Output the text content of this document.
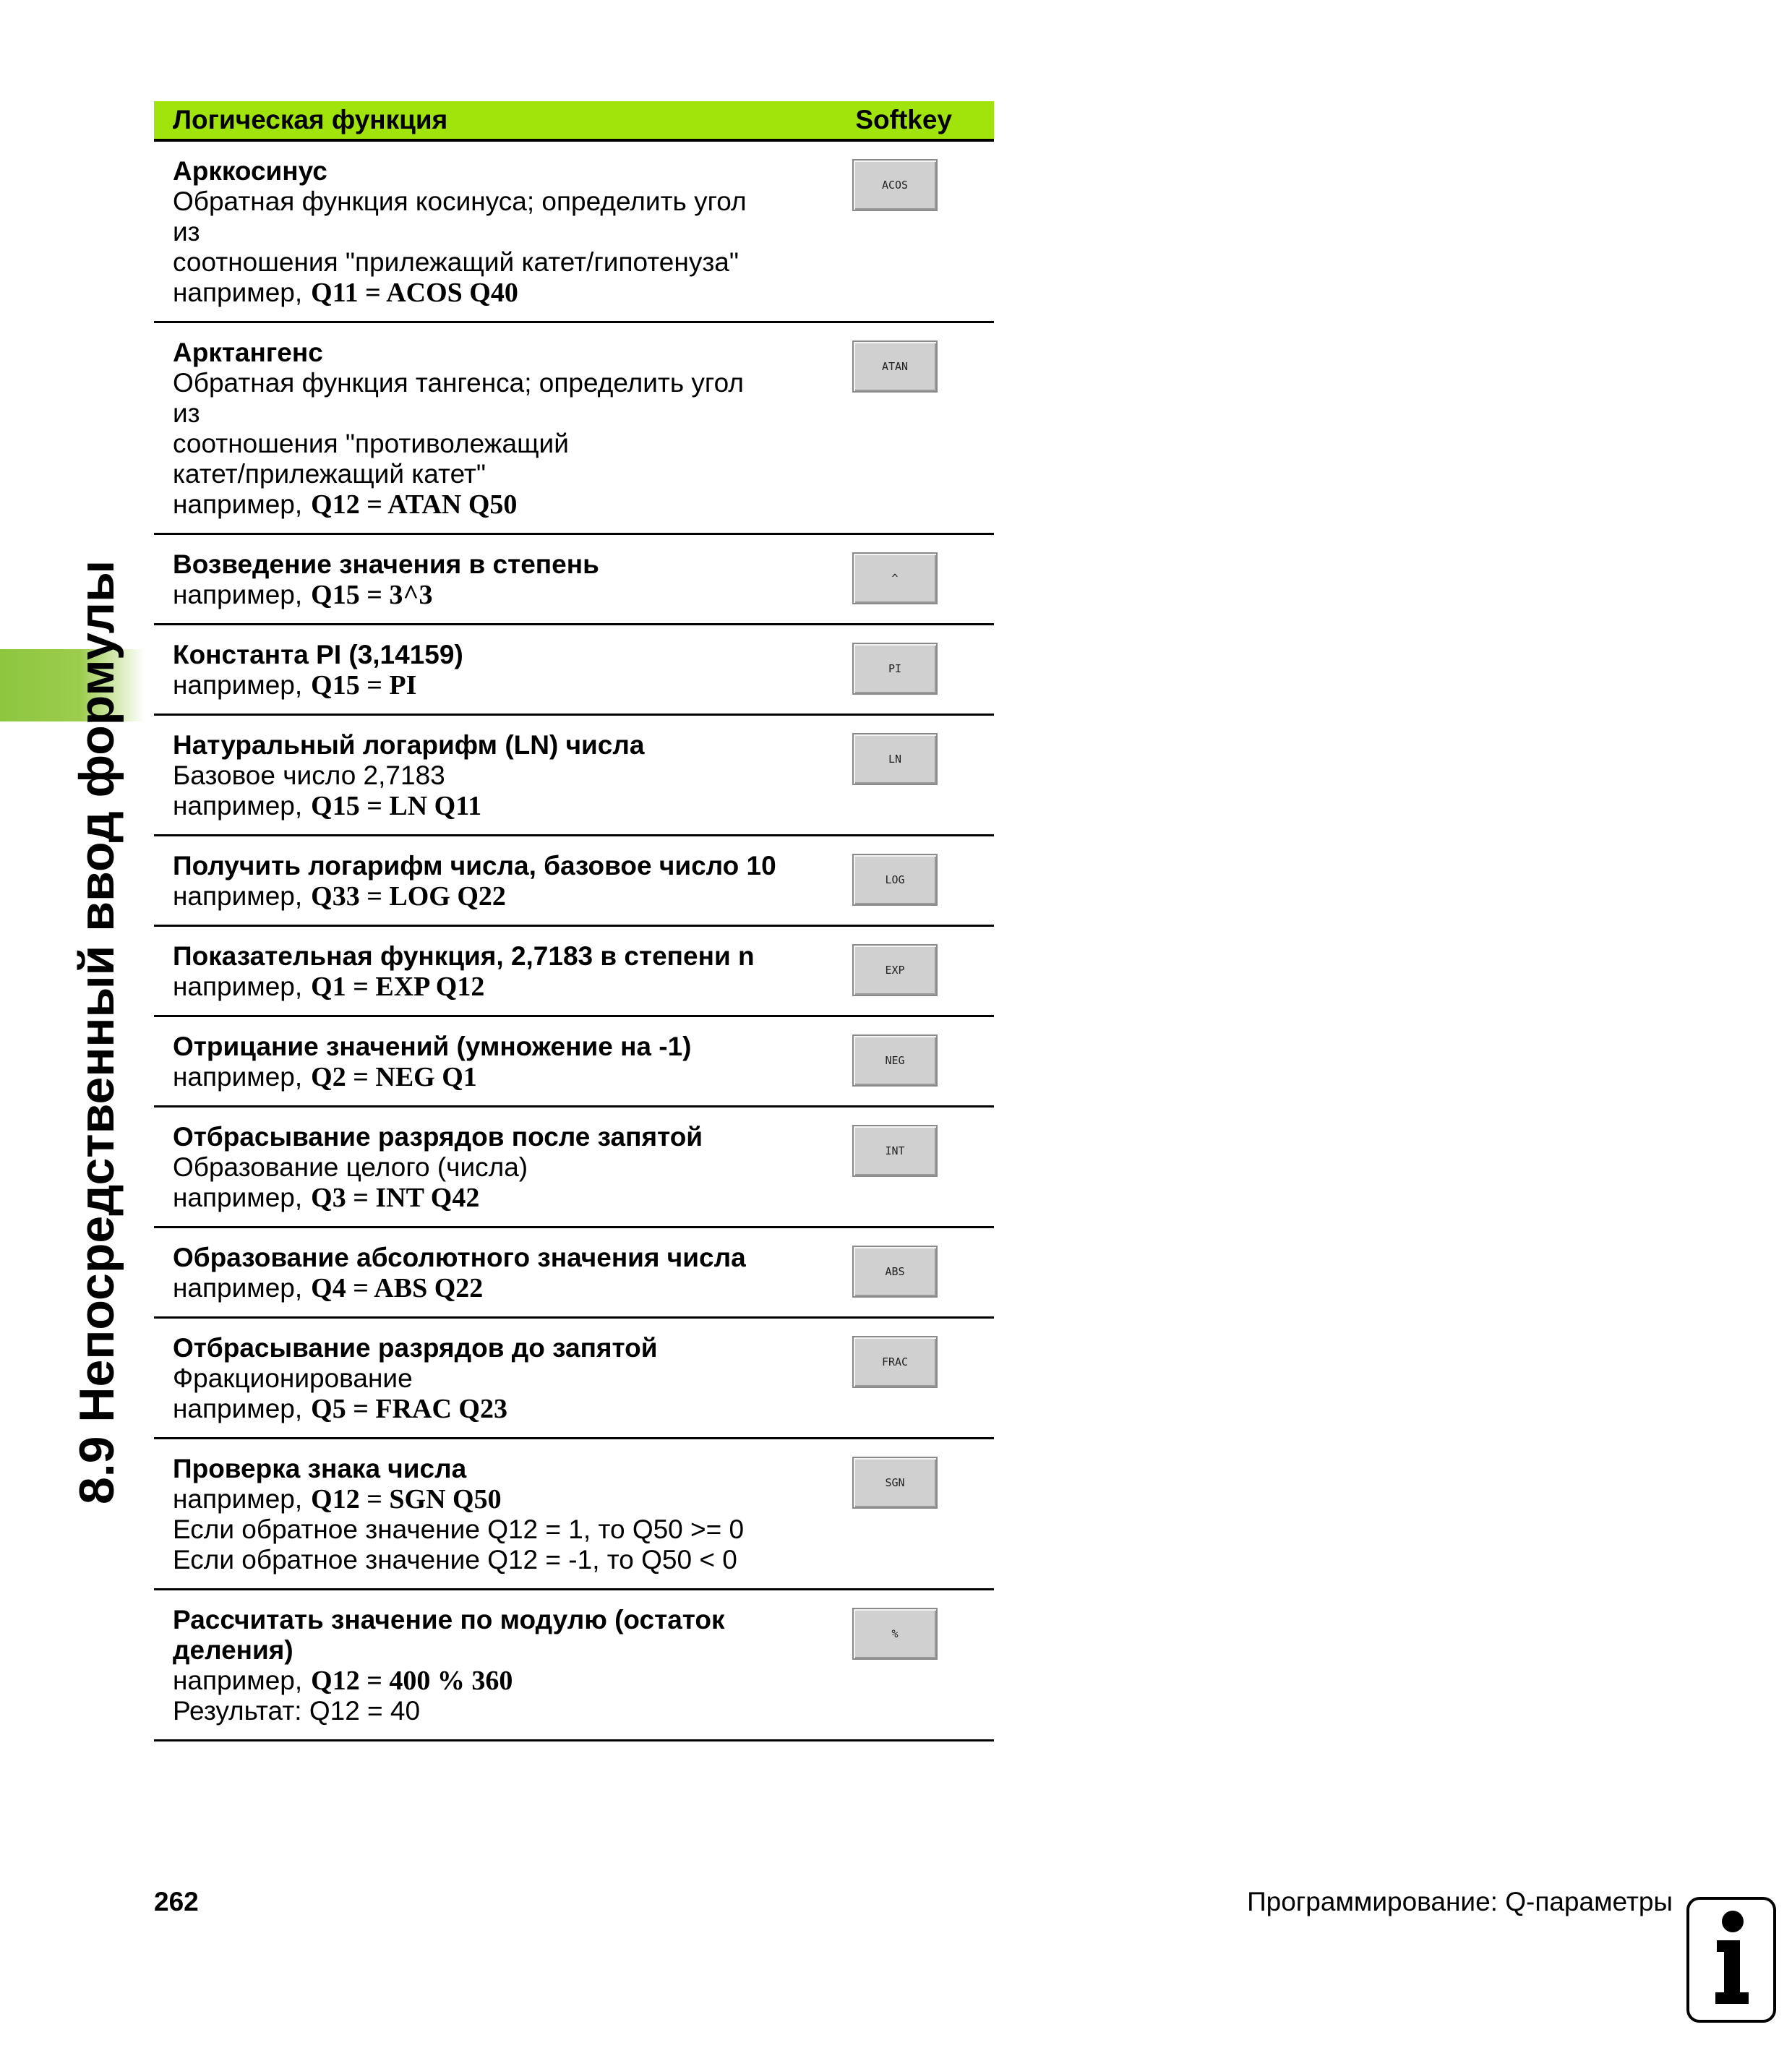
8.9 Непосредственный ввод формулы
Логическая функция	Softkey
Арккосинус
Обратная функция косинуса; определить угол из
соотношения "прилежащий катет/гипотенуза"
например, Q11 = ACOS Q40
ACOS
Арктангенс
Обратная функция тангенса; определить угол из
соотношения "противолежащий
катет/прилежащий катет"
например, Q12 = ATAN Q50
ATAN
Возведение значения в степень
например, Q15 = 3^3
^
Константа PI (3,14159)
например, Q15 = PI
PI
Натуральный логарифм (LN) числа
Базовое число 2,7183
например, Q15 = LN Q11
LN
Получить логарифм числа, базовое число 10
например, Q33 = LOG Q22
LOG
Показательная функция, 2,7183 в степени n
например, Q1 = EXP Q12
EXP
Отрицание значений (умножение на -1)
например, Q2 = NEG Q1
NEG
Отбрасывание разрядов после запятой
Образование целого (числа)
например, Q3 = INT Q42
INT
Образование абсолютного значения числа
например, Q4 = ABS Q22
ABS
Отбрасывание разрядов до запятой
Фракционирование
например, Q5 = FRAC Q23
FRAC
Проверка знака числа
например, Q12 = SGN Q50
Если обратное значение Q12 = 1, то Q50 >= 0
Если обратное значение Q12 = -1, то Q50 < 0
SGN
Рассчитать значение по модулю (остаток
деления)
например, Q12 = 400 % 360
Результат: Q12 = 40
%
262	Программирование: Q-параметры
